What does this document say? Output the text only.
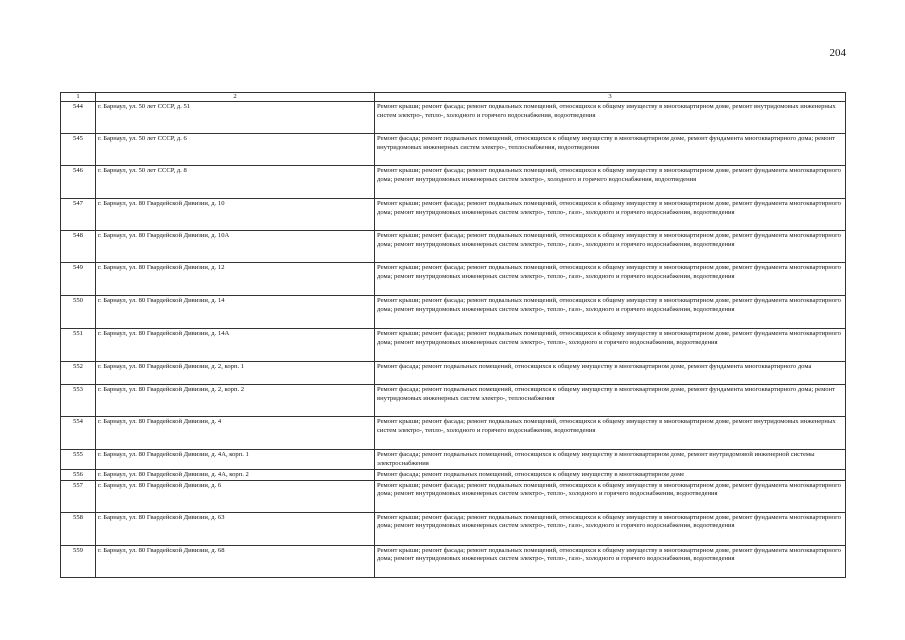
204
1	2	3
544	г. Барнаул, ул. 50 лет СССР, д. 51	Ремонт крыши; ремонт фасада; ремонт подвальных помещений, относящихся к общему имуществу в многоквартирном доме, ремонт внутридомовых инженерных систем электро-, тепло-, холодного и горячего водоснабжения, водоотведения
545	г. Барнаул, ул. 50 лет СССР, д. 6	Ремонт фасада; ремонт подвальных помещений, относящихся к общему имуществу в многоквартирном доме, ремонт фундамента многоквартирного дома; ремонт внутридомовых инженерных систем электро-, теплоснабжения, водоотведения
546	г. Барнаул, ул. 50 лет СССР, д. 8	Ремонт крыши; ремонт фасада; ремонт подвальных помещений, относящихся к общему имуществу в многоквартирном доме, ремонт фундамента многоквартирного дома; ремонт внутридомовых инженерных систем электро-, холодного и горячего водоснабжения, водоотведения
547	г. Барнаул, ул. 80 Гвардейской Дивизии, д. 10	Ремонт крыши; ремонт фасада; ремонт подвальных помещений, относящихся к общему имуществу в многоквартирном доме, ремонт фундамента многоквартирного дома; ремонт внутридомовых инженерных систем электро-, тепло-, газо-, холодного и горячего водоснабжения, водоотведения
548	г. Барнаул, ул. 80 Гвардейской Дивизии, д. 10А	Ремонт крыши; ремонт фасада; ремонт подвальных помещений, относящихся к общему имуществу в многоквартирном доме, ремонт фундамента многоквартирного дома; ремонт внутридомовых инженерных систем электро-, тепло-, газо-, холодного и горячего водоснабжения, водоотведения
549	г. Барнаул, ул. 80 Гвардейской Дивизии, д. 12	Ремонт крыши; ремонт фасада; ремонт подвальных помещений, относящихся к общему имуществу в многоквартирном доме, ремонт фундамента многоквартирного дома; ремонт внутридомовых инженерных систем электро-, тепло-, газо-, холодного и горячего водоснабжения, водоотведения
550	г. Барнаул, ул. 80 Гвардейской Дивизии, д. 14	Ремонт крыши; ремонт фасада; ремонт подвальных помещений, относящихся к общему имуществу в многоквартирном доме, ремонт фундамента многоквартирного дома; ремонт внутридомовых инженерных систем электро-, тепло-, газо-, холодного и горячего водоснабжения, водоотведения
551	г. Барнаул, ул. 80 Гвардейской Дивизии, д. 14А	Ремонт крыши; ремонт фасада; ремонт подвальных помещений, относящихся к общему имуществу в многоквартирном доме, ремонт фундамента многоквартирного дома; ремонт внутридомовых инженерных систем электро-, тепло-, холодного и горячего водоснабжения, водоотведения
552	г. Барнаул, ул. 80 Гвардейской Дивизии, д. 2, корп. 1	Ремонт фасада; ремонт подвальных помещений, относящихся к общему имуществу в многоквартирном доме, ремонт фундамента многоквартирного дома
553	г. Барнаул, ул. 80 Гвардейской Дивизии, д. 2, корп. 2	Ремонт фасада; ремонт подвальных помещений, относящихся к общему имуществу в многоквартирном доме, ремонт фундамента многоквартирного дома; ремонт внутридомовых инженерных систем электро-, теплоснабжения
554	г. Барнаул, ул. 80 Гвардейской Дивизии, д. 4	Ремонт крыши; ремонт фасада; ремонт подвальных помещений, относящихся к общему имуществу в многоквартирном доме, ремонт внутридомовых инженерных систем электро-, тепло-, холодного и горячего водоснабжения, водоотведения
555	г. Барнаул, ул. 80 Гвардейской Дивизии, д. 4А, корп. 1	Ремонт фасада; ремонт подвальных помещений, относящихся к общему имуществу в многоквартирном доме, ремонт внутридомовой инженерной системы электроснабжения
556	г. Барнаул, ул. 80 Гвардейской Дивизии, д. 4А, корп. 2	Ремонт фасада; ремонт подвальных помещений, относящихся к общему имуществу в многоквартирном доме
557	г. Барнаул, ул. 80 Гвардейской Дивизии, д. 6	Ремонт крыши; ремонт фасада; ремонт подвальных помещений, относящихся к общему имуществу в многоквартирном доме, ремонт фундамента многоквартирного дома; ремонт внутридомовых инженерных систем электро-, тепло-, холодного и горячего водоснабжения, водоотведения
558	г. Барнаул, ул. 80 Гвардейской Дивизии, д. 6З	Ремонт крыши; ремонт фасада; ремонт подвальных помещений, относящихся к общему имуществу в многоквартирном доме, ремонт фундамента многоквартирного дома; ремонт внутридомовых инженерных систем электро-, тепло-, газо-, холодного и горячего водоснабжения, водоотведения
559	г. Барнаул, ул. 80 Гвардейской Дивизии, д. 68	Ремонт крыши; ремонт фасада; ремонт подвальных помещений, относящихся к общему имуществу в многоквартирном доме, ремонт фундамента многоквартирного дома; ремонт внутридомовых инженерных систем электро-, тепло-, газо-, холодного и горячего водоснабжения, водоотведения
